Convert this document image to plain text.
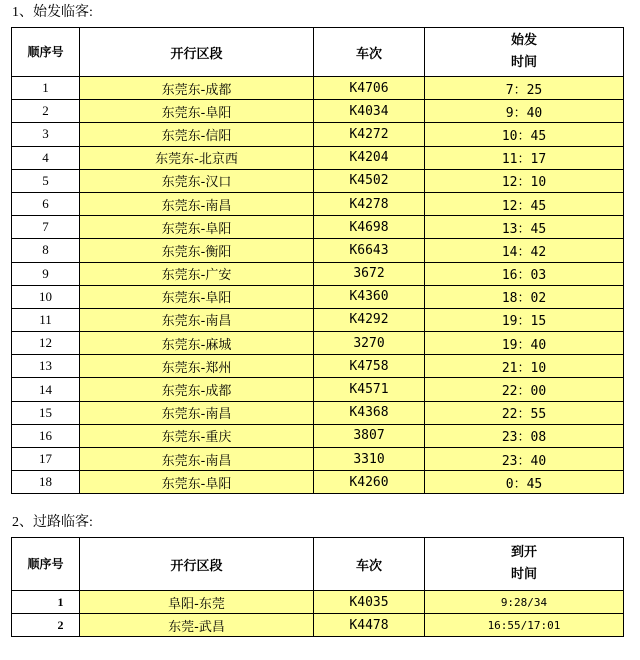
1、始发临客:
顺序号	开行区段	车次	始发
时间
1	东莞东-成都	K4706	7：25
2	东莞东-阜阳	K4034	9：40
3	东莞东-信阳	K4272	10：45
4	东莞东-北京西	K4204	11：17
5	东莞东-汉口	K4502	12：10
6	东莞东-南昌	K4278	12：45
7	东莞东-阜阳	K4698	13：45
8	东莞东-衡阳	K6643	14：42
9	东莞东-广安	3672	16：03
10	东莞东-阜阳	K4360	18：02
11	东莞东-南昌	K4292	19：15
12	东莞东-麻城	3270	19：40
13	东莞东-郑州	K4758	21：10
14	东莞东-成都	K4571	22：00
15	东莞东-南昌	K4368	22：55
16	东莞东-重庆	3807	23：08
17	东莞东-南昌	3310	23：40
18	东莞东-阜阳	K4260	0：45
2、过路临客:
顺序号	开行区段	车次	到开
时间
1	阜阳-东莞	K4035	9:28/34
2	东莞-武昌	K4478	16:55/17:01
